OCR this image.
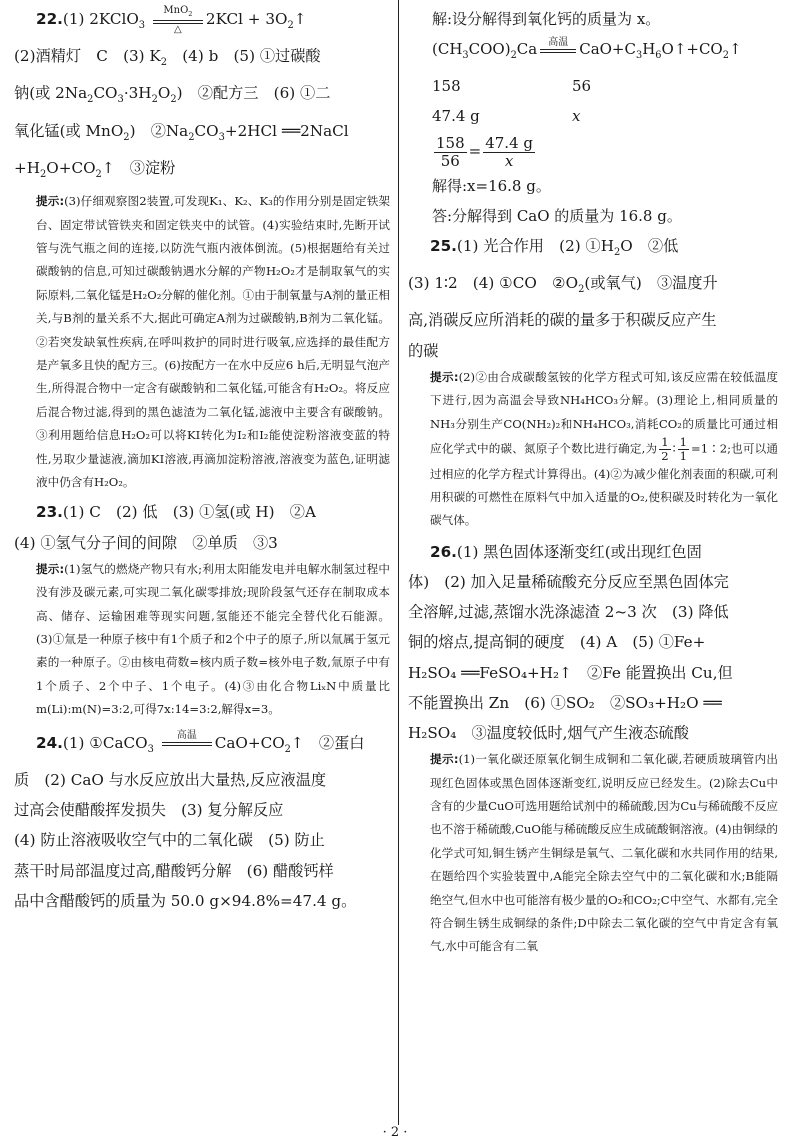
22.(1) 2KClO$_3$
MnO$_2$
△
$2KCl + 3O_2↑$

(2)酒精灯　C　(3) $K_2$　(4) b　(5) ①过碳酸

钠(或 $2Na_2CO_3\cdot 3H_2O_2$)　②配方三　(6) ①二

氧化锰(或 MnO$_2$)　$②Na_2CO_3+2HCl$ ══2NaCl

$+H_2O+CO_2↑$　③淀粉

提示:(3)仔细观察图2装置,可发现K₁、K₂、K₃的作用分别是固定铁架台、固定带试管铁夹和固定铁夹中的试管。(4)实验结束时,先断开试管与洗气瓶之间的连接,以防洗气瓶内液体倒流。(5)根据题给有关过碳酸钠的信息,可知过碳酸钠遇水分解的产物H₂O₂才是制取氧气的实际原料,二氧化锰是H₂O₂分解的催化剂。①由于制氧量与A剂的量正相关,与B剂的量关系不大,据此可确定A剂为过碳酸钠,B剂为二氧化锰。②若突发缺氧性疾病,在呼叫救护的同时进行吸氧,应选择的最佳配方是产氧多且快的配方三。(6)按配方一在水中反应6 h后,无明显气泡产生,所得混合物中一定含有碳酸钠和二氧化锰,可能含有H₂O₂。将反应后混合物过滤,得到的黑色滤渣为二氧化锰,滤液中主要含有碳酸钠。③利用题给信息H₂O₂可以将KI转化为I₂和I₂能使淀粉溶液变蓝的特性,另取少量滤液,滴加KI溶液,再滴加淀粉溶液,溶液变为蓝色,证明滤液中仍含有H₂O₂。

23.(1) C　(2) 低　(3) ①氢(或 H)　②A

(4) ①氢气分子间的间隙　②单质　③3

提示:(1)氢气的燃烧产物只有水;利用太阳能发电并电解水制氢过程中没有涉及碳元素,可实现二氧化碳零排放;现阶段氢气还存在制取成本高、储存、运输困难等现实问题,氢能还不能完全替代化石能源。(3)①氚是一种原子核中有1个质子和2个中子的原子,所以氚属于氢元素的一种原子。②由核电荷数=核内质子数=核外电子数,氚原子中有1个质子、2个中子、1个电子。(4)③由化合物LiₓN中质量比m(Li):m(N)=3:2,可得7x:14=3:2,解得x=3。

24.(1) ①CaCO$_3$
高温
	$CaO+CO_2↑$　②蛋白

质　(2) CaO 与水反应放出大量热,反应液温度

过高会使醋酸挥发损失　(3) 复分解反应

(4) 防止溶液吸收空气中的二氧化碳　(5) 防止

蒸干时局部温度过高,醋酸钙分解　(6) 醋酸钙样

品中含醋酸钙的质量为 50.0 g×94.8%=47.4 g。

解:设分解得到氧化钙的质量为 x。

$(CH_3COO)_2Ca$	高温
$CaO+C_3H_6O↑+CO_2↑$

158	56

47.4 g	x

$\frac{158}{56} = \frac{47.4 g}{x}$

解得:x=16.8 g。

答:分解得到 CaO 的质量为 16.8 g。

25.(1) 光合作用　(2) $①H_2O$　②低

(3) 1∶2　(4) ①CO　$②O_2$(或氧气)　③温度升

高,消碳反应所消耗的碳的量多于积碳反应产生

的碳

提示:(2)②由合成碳酸氢铵的化学方程式可知,该反应需在较低温度下进行,因为高温会导致NH₄HCO₃分解。(3)理论上,相同质量的NH₃分别生产CO(NH₂)₂和NH₄HCO₃,消耗CO₂的质量比可通过相应化学式中的碳、氮原子个数比进行确定,为 $\frac{1}{2}$ ∶ $\frac{1}{1}$ =1∶2;也可以通过相应的化学方程式计算得出。(4)②为减少催化剂表面的积碳,可利用积碳的可燃性在原料气中加入适量的O₂,使积碳及时转化为一氧化碳气体。

26.(1) 黑色固体逐渐变红(或出现红色固

体)　(2) 加入足量稀硫酸充分反应至黑色固体完

全溶解,过滤,蒸馏水洗涤滤渣 2~3 次　(3) 降低

铜的熔点,提高铜的硬度　(4) A　(5) ①Fe+

H₂SO₄ ══FeSO₄+H₂↑　②Fe 能置换出 Cu,但

不能置换出 Zn　(6) ①SO₂　②SO₃+H₂O ══

H₂SO₄　③温度较低时,烟气产生液态硫酸

提示:(1)一氧化碳还原氧化铜生成铜和二氧化碳,若硬质玻璃管内出现红色固体或黑色固体逐渐变红,说明反应已经发生。(2)除去Cu中含有的少量CuO可选用题给试剂中的稀硫酸,因为Cu与稀硫酸不反应也不溶于稀硫酸,CuO能与稀硫酸反应生成硫酸铜溶液。(4)由铜绿的化学式可知,铜生锈产生铜绿是氧气、二氧化碳和水共同作用的结果,在题给四个实验装置中,A能完全除去空气中的二氧化碳和水;B能隔绝空气,但水中也可能溶有极少量的O₂和CO₂;C中空气、水都有,完全符合铜生锈生成铜绿的条件;D中除去二氧化碳的空气中肯定含有氧气,水中可能含有二氧

· 2 ·
